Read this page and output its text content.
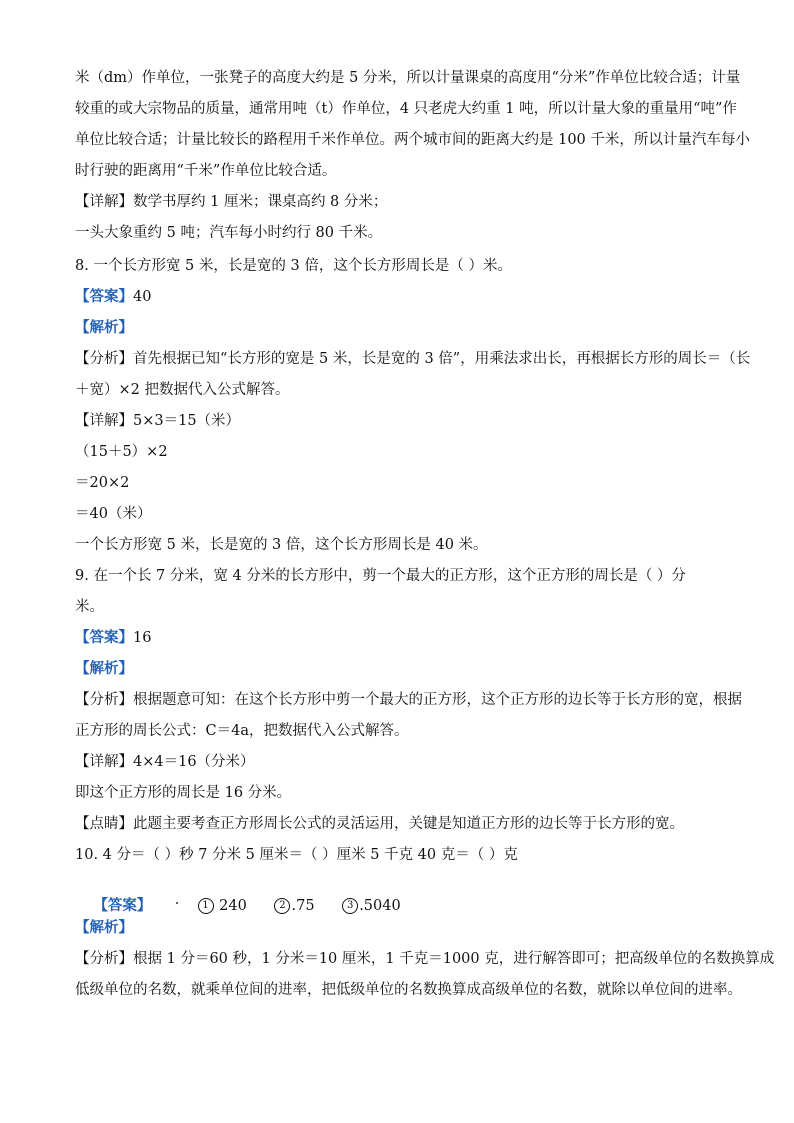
米（dm）作单位，一张凳子的高度大约是 5 分米，所以计量课桌的高度用“分米”作单位比较合适；计量
较重的或大宗物品的质量，通常用吨（t）作单位，4 只老虎大约重 1 吨，所以计量大象的重量用“吨”作
单位比较合适；计量比较长的路程用千米作单位。两个城市间的距离大约是 100 千米，所以计量汽车每小
时行驶的距离用“千米”作单位比较合适。
【详解】数学书厚约 1 厘米；课桌高约 8 分米；
一头大象重约 5 吨；汽车每小时约行 80 千米。
8. 一个长方形宽 5 米，长是宽的 3 倍，这个长方形周长是（ ）米。
【答案】40
【解析】
【分析】首先根据已知“长方形的宽是 5 米，长是宽的 3 倍”，用乘法求出长，再根据长方形的周长＝（长
＋宽）×2 把数据代入公式解答。
【详解】5×3＝15（米）
（15＋5）×2
＝20×2
＝40（米）
一个长方形宽 5 米，长是宽的 3 倍，这个长方形周长是 40 米。
9. 在一个长 7 分米，宽 4 分米的长方形中，剪一个最大的正方形，这个正方形的周长是（ ）分
米。
【答案】16
【解析】
【分析】根据题意可知：在这个长方形中剪一个最大的正方形，这个正方形的边长等于长方形的宽，根据
正方形的周长公式：C＝4a，把数据代入公式解答。
【详解】4×4＝16（分米）
即这个正方形的周长是 16 分米。
【点睛】此题主要考查正方形周长公式的灵活运用，关键是知道正方形的边长等于长方形的宽。
10. 4 分＝（ ）秒 7 分米 5 厘米＝（ ）厘米 5 千克 40 克＝（ ）克

【答案】	1 240	2 .75	3 .5040

【解析】
【分析】根据 1 分＝60 秒，1 分米＝10 厘米，1 千克＝1000 克，进行解答即可；把高级单位的名数换算成
低级单位的名数，就乘单位间的进率，把低级单位的名数换算成高级单位的名数，就除以单位间的进率。
